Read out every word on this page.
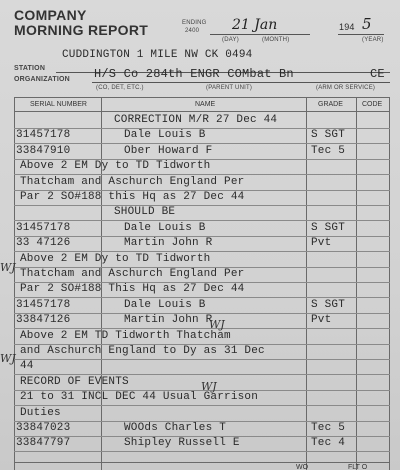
COMPANY
MORNING REPORT	ENDING
2400 21 Jan
(DAY)	(MONTH)
194 5
(YEAR)
STATION
CUDDINGTON 1 MILE NW CK 0494
ORGANIZATION H/S Co 284th ENGR COMbat Bn	CE
(CO, DET, ETC.)	(PARENT UNIT)	(ARM OR SERVICE)
SERIAL NUMBER	NAME	GRADE	CODE
CORRECTION M/R 27 Dec 44
31457178	Dale Louis B	S SGT
33847910	Ober Howard F	Tec 5
Above 2 EM Dy to TD Tidworth
Thatcham and Aschurch England Per
Par 2 SO#188 this Hq as 27 Dec 44
SHOULD BE
31457178	Dale Louis B	S SGT
33 47126	Martin John R	Pvt
Above 2 EM Dy to TD Tidworth
Thatcham and Aschurch England Per
Par 2 SO#188 This Hq as 27 Dec 44
31457178	Dale Louis B	S SGT
33847126	Martin John R	Pvt
Above 2 EM TD Tidworth Thatcham
and Aschurch England to Dy as 31 Dec
44
RECORD OF EVENTS
21 to 31 INCL DEC 44 Usual Garrison
Duties
33847023	WOOds Charles T	Tec 5
33847797	Shipley Russell E	Tec 4
WJ
WJ
WJ
WJ
WO	FLT O
